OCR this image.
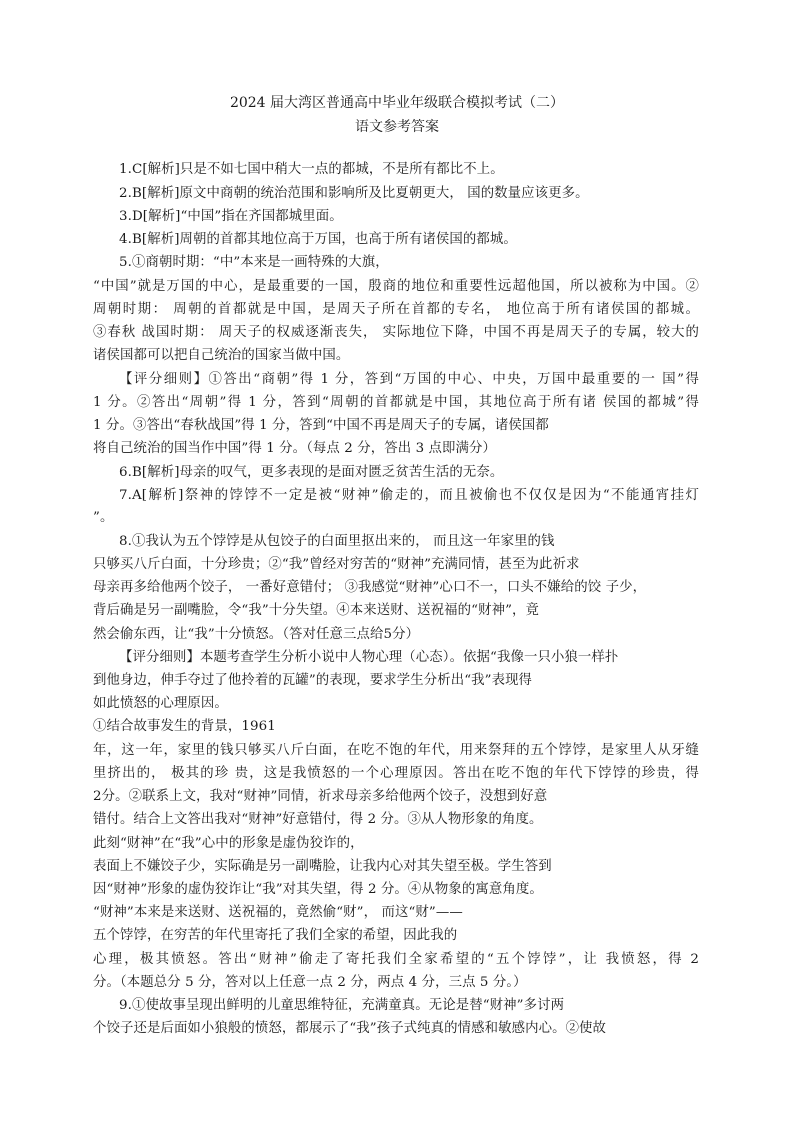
2024 届大湾区普通高中毕业年级联合模拟考试（二）
语文参考答案
1.C[解析]只是不如七国中稍大一点的都城，不是所有都比不上。
2.B[解析]原文中商朝的统治范围和影响所及比夏朝更大， 国的数量应该更多。
3.D[解析]“中国”指在齐国都城里面。
4.B[解析]周朝的首都其地位高于万国，也高于所有诸侯国的都城。
5.①商朝时期：“中”本来是一画特殊的大旗，
“中国”就是万国的中心，是最重要的一国，殷商的地位和重要性远超他国，所以被称为中国。②
周朝时期： 周朝的首都就是中国，是周天子所在首都的专名， 地位高于所有诸侯国的都城。
③春秋 战国时期： 周天子的权威逐渐丧失， 实际地位下降，中国不再是周天子的专属，较大的
诸侯国都可以把自己统治的国家当做中国。
【评分细则】①答出“商朝”得 1 分，答到“万国的中心、中央，万国中最重要的一 国”得
1 分。②答出“周朝”得 1 分，答到“周朝的首都就是中国，其地位高于所有诸 侯国的都城”得
1 分。③答出“春秋战国”得 1 分，答到“中国不再是周天子的专属，诸侯国都
将自己统治的国当作中国”得 1 分。（每点 2 分，答出 3 点即满分）
6.B[解析]母亲的叹气，更多表现的是面对匮乏贫苦生活的无奈。
7.A[解析]祭神的饽饽不一定是被“财神”偷走的，而且被偷也不仅仅是因为“不能通宵挂灯
”。
8.①我认为五个饽饽是从包饺子的白面里抠出来的， 而且这一年家里的钱
只够买八斤白面，十分珍贵；②“我”曾经对穷苦的“财神”充满同情，甚至为此祈求
母亲再多给他两个饺子， 一番好意错付； ③我感觉“财神”心口不一，口头不嫌给的饺 子少，
背后确是另一副嘴脸，令“我”十分失望。④本来送财、送祝福的“财神”，竟
然会偷东西，让“我”十分愤怒。（答对任意三点给5分）
【评分细则】本题考查学生分析小说中人物心理（心态）。依据“我像一只小狼一样扑
到他身边，伸手夺过了他拎着的瓦罐”的表现，要求学生分析出“我”表现得
如此愤怒的心理原因。
①结合故事发生的背景，1961
年，这一年，家里的钱只够买八斤白面，在吃不饱的年代，用来祭拜的五个饽饽，是家里人从牙缝
里挤出的， 极其的珍 贵，这是我愤怒的一个心理原因。答出在吃不饱的年代下饽饽的珍贵，得
2分。②联系上文，我对“财神”同情，祈求母亲多给他两个饺子，没想到好意
错付。结合上文答出我对“财神”好意错付，得 2 分。③从人物形象的角度。
此刻“财神”在“我”心中的形象是虚伪狡诈的，
表面上不嫌饺子少，实际确是另一副嘴脸，让我内心对其失望至极。学生答到
因“财神”形象的虚伪狡诈让“我”对其失望，得 2 分。④从物象的寓意角度。
“财神”本来是来送财、送祝福的，竟然偷“财”， 而这“财”——
五个饽饽，在穷苦的年代里寄托了我们全家的希望，因此我的
心理，极其愤怒。答出“财神”偷走了寄托我们全家希望的“五个饽饽”，让 我愤怒，得 2
分。（本题总分 5 分，答对以上任意一点 2 分，两点 4 分，三点 5 分。）
9.①使故事呈现出鲜明的儿童思维特征，充满童真。无论是替“财神”多讨两
个饺子还是后面如小狼般的愤怒，都展示了“我”孩子式纯真的情感和敏感内心。②使故
